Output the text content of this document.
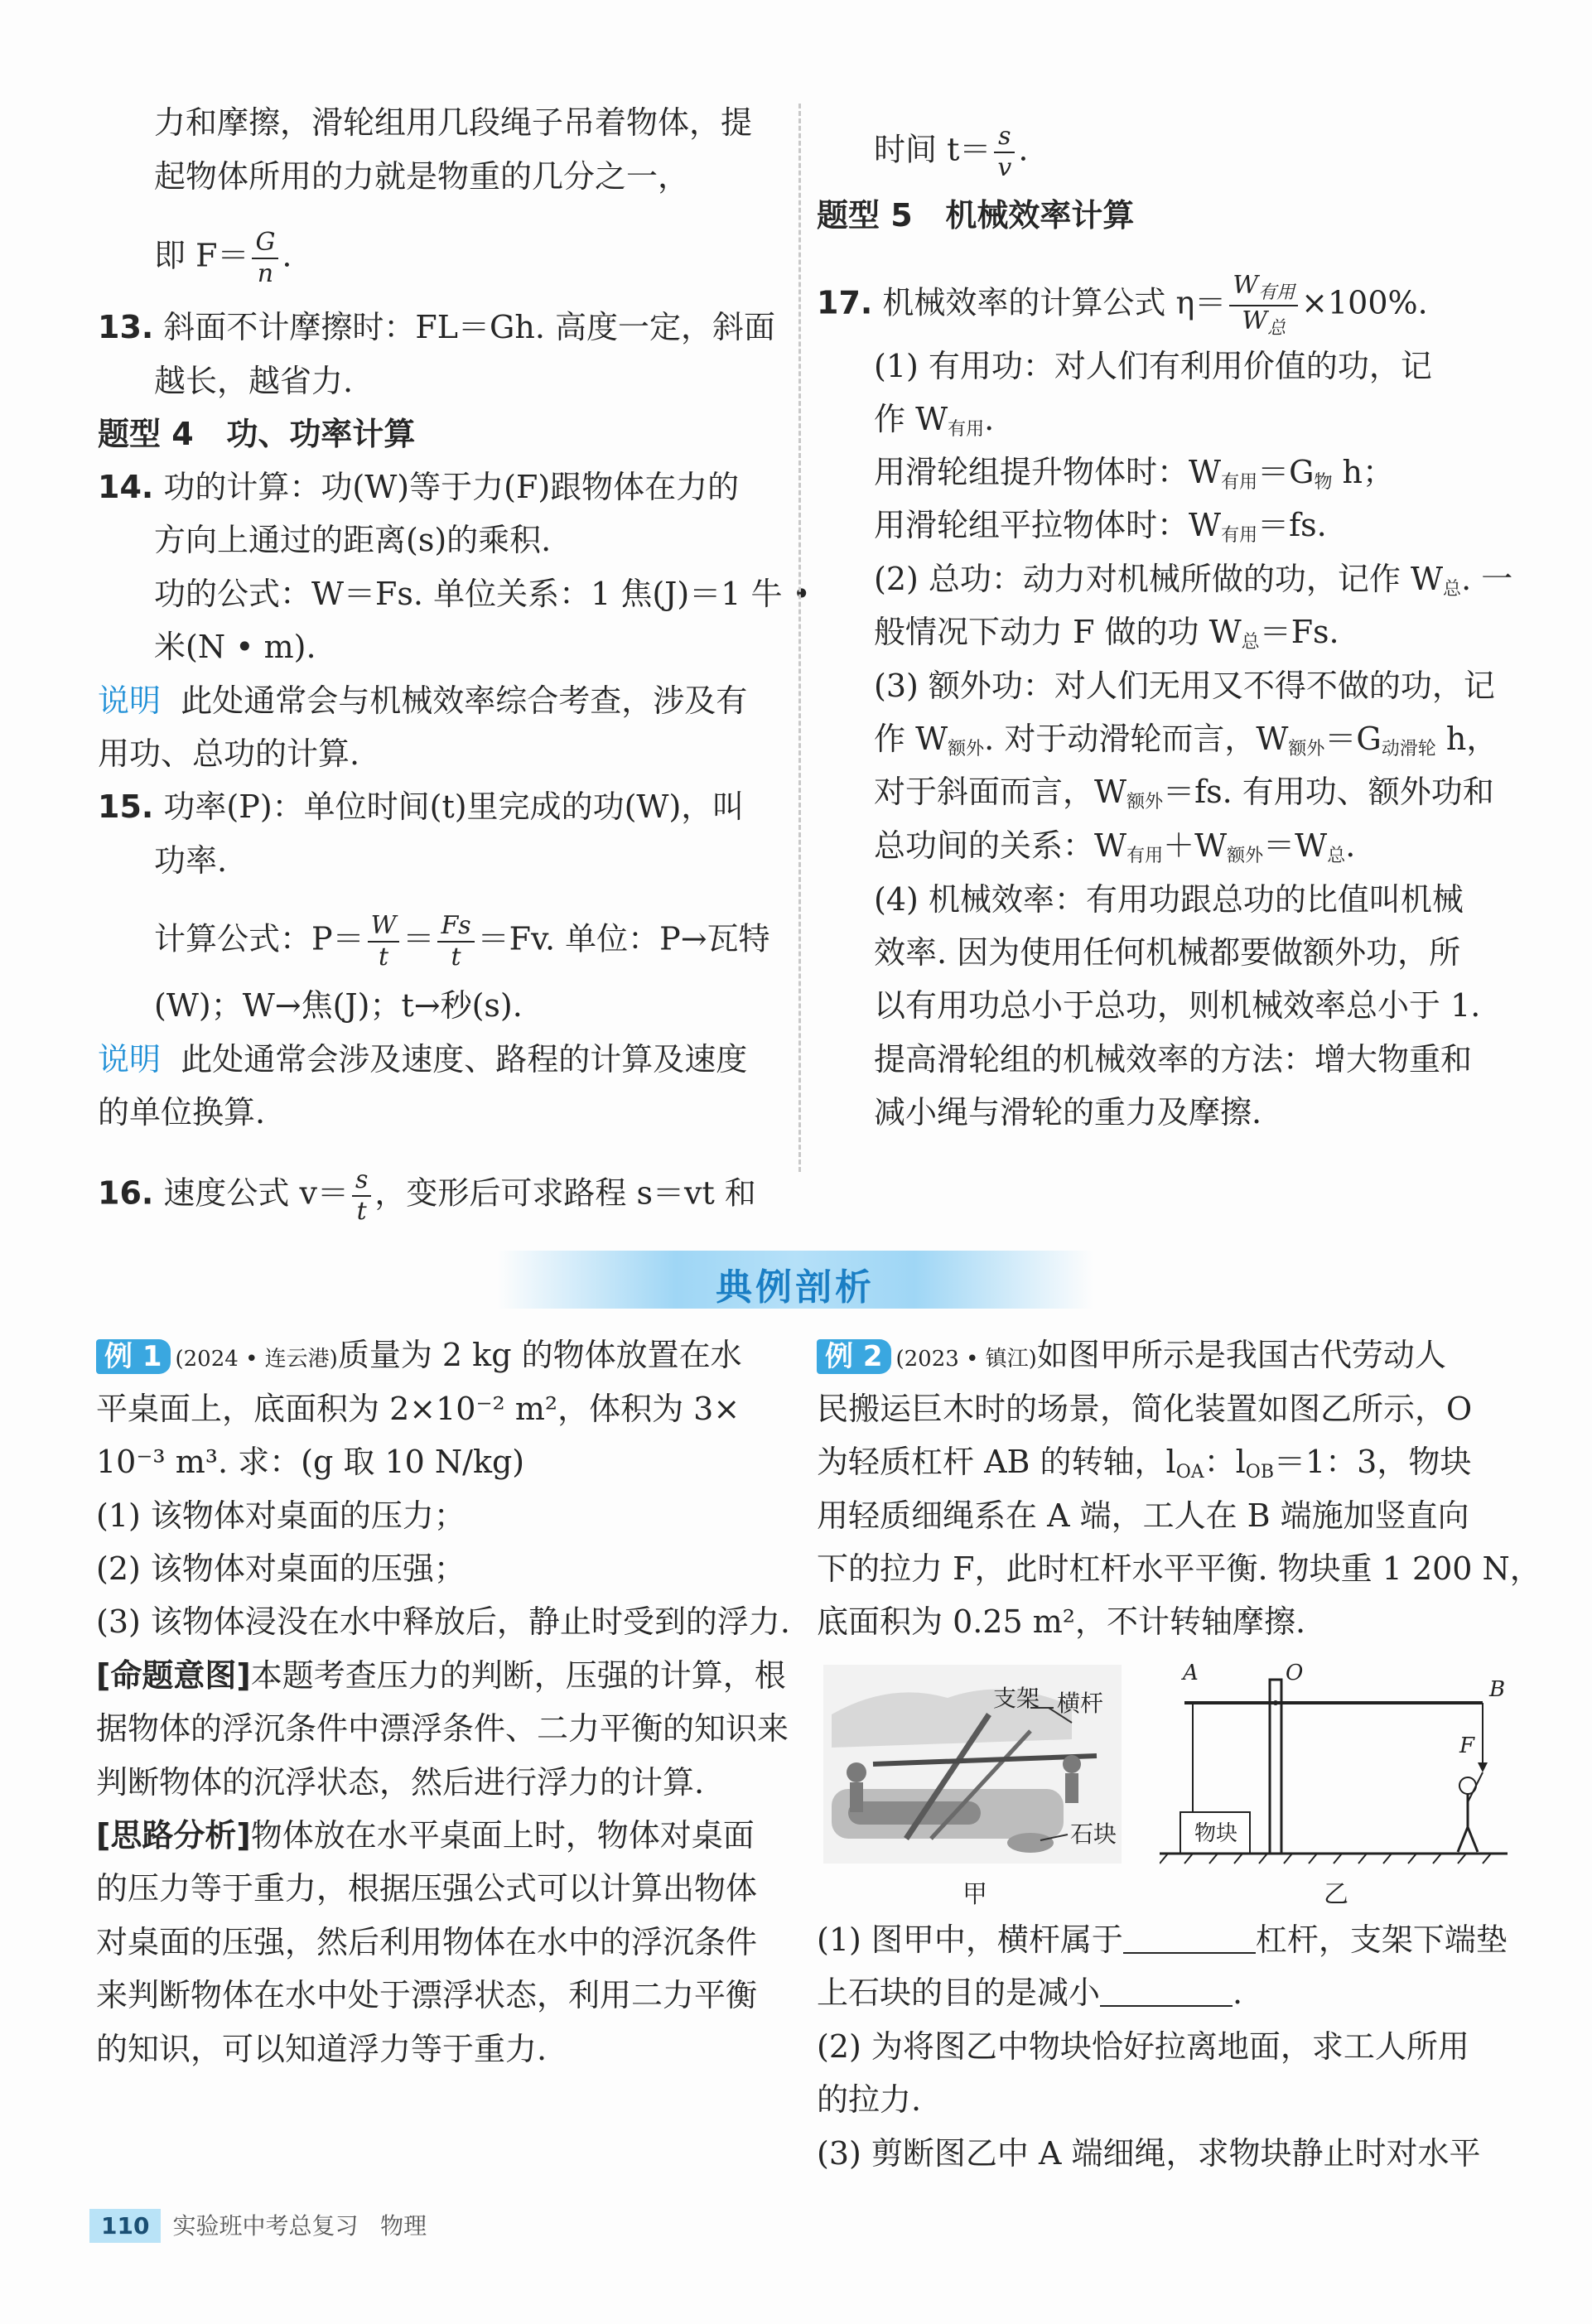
力和摩擦，滑轮组用几段绳子吊着物体，提
起物体所用的力就是物重的几分之一，
即 $F= \frac{G}{n}$ .
13. 斜面不计摩擦时：FL＝Gh. 高度一定，斜面
越长，越省力.
题型 4 功、功率计算
14. 功的计算：功(W)等于力(F)跟物体在力的
方向上通过的距离(s)的乘积.
功的公式：W＝Fs. 单位关系：1 焦(J)＝1 牛 •
米(N • m).
说明 此处通常会与机械效率综合考查，涉及有
用功、总功的计算.
15. 功率(P)：单位时间(t)里完成的功(W)，叫
功率.
计算公式：$P= \frac{W}{t} = \frac{Fs}{t} =Fv$. 单位：P→瓦特
(W)；W→焦(J)；t→秒(s).
说明 此处通常会涉及速度、路程的计算及速度
的单位换算.
16. 速度公式 $v= \frac{s}{t}$ ，变形后可求路程 s＝vt 和
时间 $t= \frac{s}{v}$ .
题型 5 机械效率计算
17. 机械效率的计算公式 $\eta= \frac{W_{有用}}{W_总} \times 100\%$.
(1) 有用功：对人们有利用价值的功，记
作 $W_{有用}$.
用滑轮组提升物体时：$W_{有用}=G_物$ h；
用滑轮组平拉物体时：$W_{有用}=fs$.
(2) 总功：动力对机械所做的功，记作 $W_总$. 一
般情况下动力 F 做的功 $W_总=Fs$.
(3) 额外功：对人们无用又不得不做的功，记
作 $W_{额外}$. 对于动滑轮而言，$W_{额外}=G_{动滑轮}$ h，
对于斜面而言，$W_{额外}=fs$. 有用功、额外功和
总功间的关系：$W_{有用}+W_{额外}=W_总$.
(4) 机械效率：有用功跟总功的比值叫机械
效率. 因为使用任何机械都要做额外功，所
以有用功总小于总功，则机械效率总小于 1.
提高滑轮组的机械效率的方法：增大物重和
减小绳与滑轮的重力及摩擦.
典例剖析
例 1 (2024 • 连云港)质量为 2 kg 的物体放置在水
平桌面上，底面积为 2×10⁻² m²，体积为 3×
10⁻³ m³. 求：(g 取 10 N/kg)
(1) 该物体对桌面的压力；
(2) 该物体对桌面的压强；
(3) 该物体浸没在水中释放后，静止时受到的浮力.
[命题意图]本题考查压力的判断，压强的计算，根
据物体的浮沉条件中漂浮条件、二力平衡的知识来
判断物体的沉浮状态，然后进行浮力的计算.
[思路分析]物体放在水平桌面上时，物体对桌面
的压力等于重力，根据压强公式可以计算出物体
对桌面的压强，然后利用物体在水中的浮沉条件
来判断物体在水中处于漂浮状态，利用二力平衡
的知识，可以知道浮力等于重力.
例 2 (2023 • 镇江)如图甲所示是我国古代劳动人
民搬运巨木时的场景，简化装置如图乙所示，O
为轻质杠杆 AB 的转轴，$l_{OA}$：$l_{OB}=1$：3，物块
用轻质细绳系在 A 端，工人在 B 端施加竖直向
下的拉力 F，此时杠杆水平平衡. 物块重 1 200 N，
底面积为 0.25 m²，不计转轴摩擦.
支架 横杆
石块
甲
物块
A	O
B
F
乙
(1) 图甲中，横杆属于	杠杆，支架下端垫
上石块的目的是减小	.
(2) 为将图乙中物块恰好拉离地面，求工人所用
的拉力.
(3) 剪断图乙中 A 端细绳，求物块静止时对水平
110 实验班中考总复习 物理
